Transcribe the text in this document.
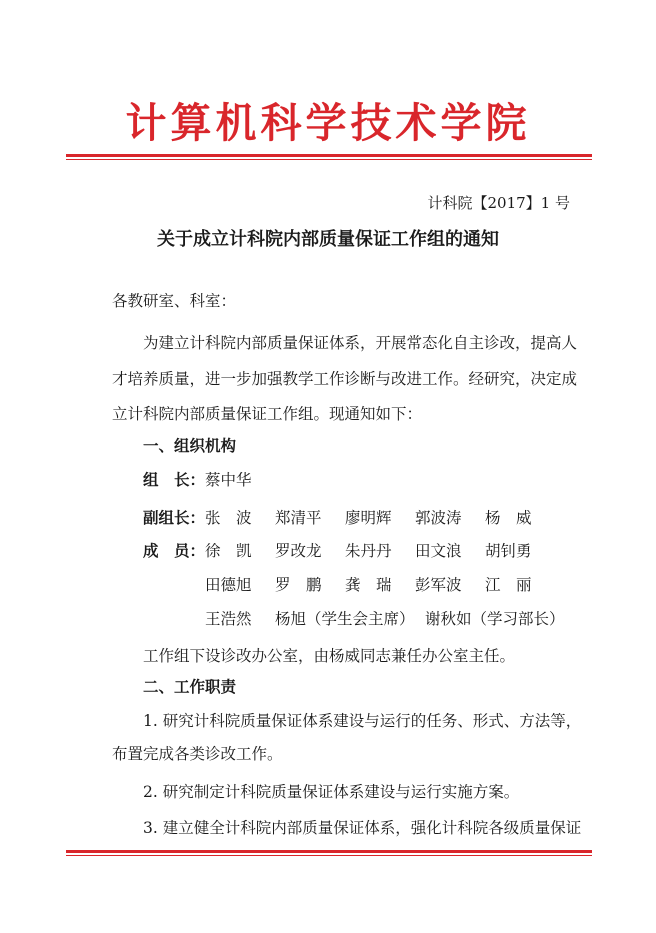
计算机科学技术学院
计科院【2017】1 号
关于成立计科院内部质量保证工作组的通知
各教研室、科室：
为建立计科院内部质量保证体系，开展常态化自主诊改，提高人
才培养质量，进一步加强教学工作诊断与改进工作。经研究，决定成
立计科院内部质量保证工作组。现通知如下：
一、组织机构
组　长： 蔡中华
副组长： 张　波 郑清平 廖明辉 郭波涛 杨　威
成　员： 徐　凯 罗改龙 朱丹丹 田文浪 胡钊勇
田德旭 罗　鹏 龚　瑞 彭军波 江　丽
王浩然 杨旭（学生会主席） 谢秋如（学习部长）
工作组下设诊改办公室，由杨威同志兼任办公室主任。
二、工作职责
1. 研究计科院质量保证体系建设与运行的任务、形式、方法等，
布置完成各类诊改工作。
2. 研究制定计科院质量保证体系建设与运行实施方案。
3. 建立健全计科院内部质量保证体系，强化计科院各级质量保证
